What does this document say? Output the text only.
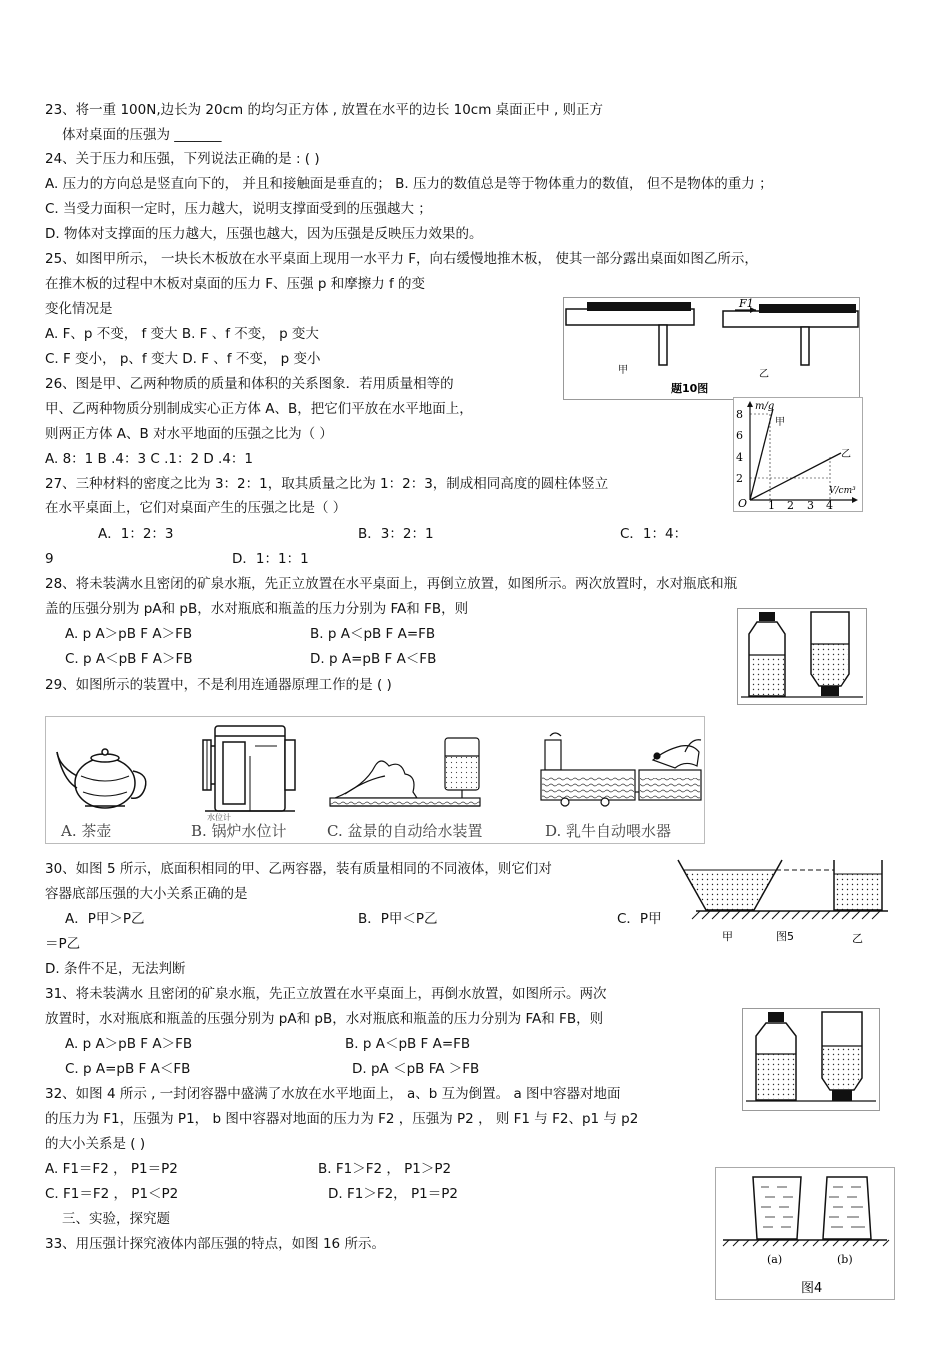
23、将一重 100N,边长为 20cm 的均匀正方体 , 放置在水平的边长 10cm 桌面正中 , 则正方
体对桌面的压强为 _______
24、关于压力和压强，下列说法正确的是 : ( )
A. 压力的方向总是竖直向下的， 并且和接触面是垂直的； B. 压力的数值总是等于物体重力的数值， 但不是物体的重力 ；
C. 当受力面积一定时，压力越大，说明支撑面受到的压强越大 ；
D. 物体对支撑面的压力越大，压强也越大，因为压强是反映压力效果的。
25、如图甲所示， 一块长木板放在水平桌面上现用一水平力 F，向右缓慢地推木板， 使其一部分露出桌面如图乙所示，
在推木板的过程中木板对桌面的压力 F、压强 p 和摩擦力 f 的变
变化情况是
A. F、p 不变， f 变大 B. F 、f 不变， p 变大
C. F 变小， p、f 变大 D. F 、f 不变， p 变小
26、图是甲、乙两种物质的质量和体积的关系图象．若用质量相等的
甲、乙两种物质分别制成实心正方体 A、B，把它们平放在水平地面上，
则两正方体 A、B 对水平地面的压强之比为（ ）
A. 8：1 B .4：3 C .1：2 D .4：1
27、三种材料的密度之比为 3：2：1，取其质量之比为 1：2：3，制成相同高度的圆柱体竖立
在水平桌面上，它们对桌面产生的压强之比是（ ）
A．1：2：3	B．3：2：1	C．1：4：
9	D．1：1：1
28、将未装满水且密闭的矿泉水瓶，先正立放置在水平桌面上，再倒立放置，如图所示。两次放置时，水对瓶底和瓶
盖的压强分别为 pA和 pB，水对瓶底和瓶盖的压力分别为 FA和 FB，则
A. p A＞pB F A＞FB	B. p A＜pB F A=FB
C. p A＜pB F A＞FB	D. p A=pB F A＜FB
29、如图所示的装置中，不是利用连通器原理工作的是 ( )
30、如图 5 所示，底面积相同的甲、乙两容器，装有质量相同的不同液体，则它们对
容器底部压强的大小关系正确的是
A．P甲＞P乙	B．P甲＜P乙	C．P甲
＝P乙
D. 条件不足，无法判断
31、将未装满水 且密闭的矿泉水瓶，先正立放置在水平桌面上，再倒水放置，如图所示。两次
放置时，水对瓶底和瓶盖的压强分别为 pA和 pB，水对瓶底和瓶盖的压力分别为 FA和 FB，则
A. p A＞pB F A＞FB	B. p A＜pB F A=FB
C. p A=pB F A＜FB	D. pA ＜pB FA ＞FB
32、如图 4 所示 , 一封闭容器中盛满了水放在水平地面上， a、b 互为倒置。 a 图中容器对地面
的压力为 F1，压强为 P1， b 图中容器对地面的压力为 F2 ，压强为 P2 ， 则 F1 与 F2、p1 与 p2
的大小关系是 ( )
A. F1＝F2 ， P1＝P2	B. F1＞F2 ， P1＞P2
C. F1＝F2 ， P1＜P2	D. F1＞F2， P1＝P2
三、实验，探究题
33、用压强计探究液体内部压强的特点，如图 16 所示。
F1
甲	乙
题10图
8
6
4
2
O 1 2 3 4
m/g
V/cm³
甲
乙
水位计
A. 茶壶	B. 锅炉水位计	C. 盆景的自动给水装置	D. 乳牛自动喂水器
甲	图5	乙
(a)	(b)
图4
